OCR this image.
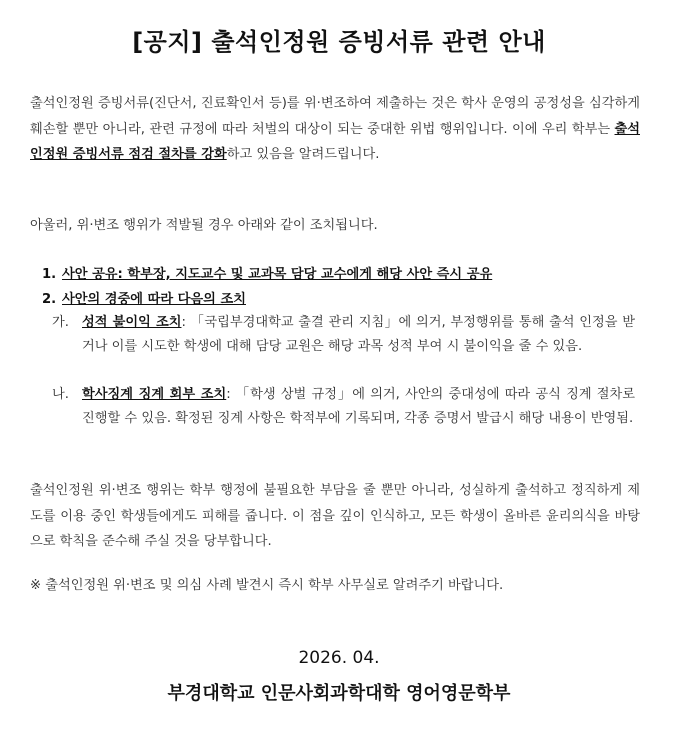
[공지] 출석인정원 증빙서류 관련 안내
출석인정원 증빙서류(진단서, 진료확인서 등)를 위·변조하여 제출하는 것은 학사 운영의 공정성을 심각하게 훼손할 뿐만 아니라, 관련 규정에 따라 처벌의 대상이 되는 중대한 위법 행위입니다. 이에 우리 학부는 출석인정원 증빙서류 점검 절차를 강화하고 있음을 알려드립니다.
아울러, 위·변조 행위가 적발될 경우 아래와 같이 조치됩니다.
1. 사안 공유: 학부장, 지도교수 및 교과목 담당 교수에게 해당 사안 즉시 공유
2. 사안의 경중에 따라 다음의 조치
가. 성적 불이익 조치: 「국립부경대학교 출결 관리 지침」에 의거, 부정행위를 통해 출석 인정을 받거나 이를 시도한 학생에 대해 담당 교원은 해당 과목 성적 부여 시 불이익을 줄 수 있음.
나. 학사징계 징계 회부 조치: 「학생 상벌 규정」에 의거, 사안의 중대성에 따라 공식 징계 절차로 진행할 수 있음. 확정된 징계 사항은 학적부에 기록되며, 각종 증명서 발급시 해당 내용이 반영됨.
출석인정원 위·변조 행위는 학부 행정에 불필요한 부담을 줄 뿐만 아니라, 성실하게 출석하고 정직하게 제도를 이용 중인 학생들에게도 피해를 줍니다. 이 점을 깊이 인식하고, 모든 학생이 올바른 윤리의식을 바탕으로 학칙을 준수해 주실 것을 당부합니다.
※ 출석인정원 위·변조 및 의심 사례 발견시 즉시 학부 사무실로 알려주기 바랍니다.
2026. 04.
부경대학교 인문사회과학대학 영어영문학부
